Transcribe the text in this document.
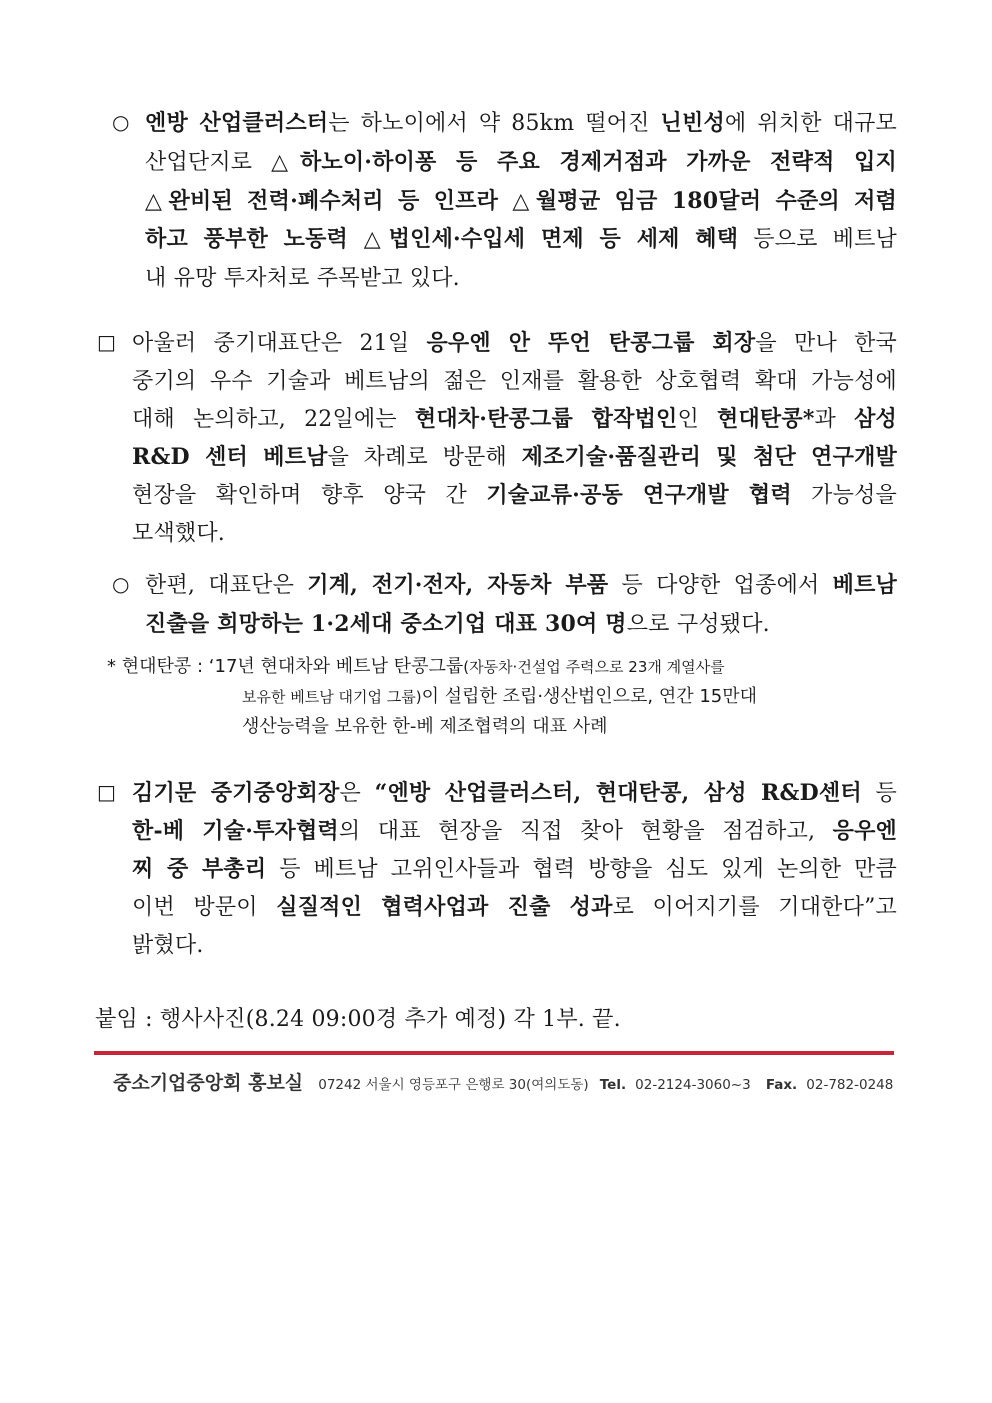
○ 엔방 산업클러스터는 하노이에서 약 85km 떨어진 닌빈성에 위치한 대규모
산업단지로 △하노이·하이퐁 등 주요 경제거점과 가까운 전략적 입지
△완비된 전력·폐수처리 등 인프라 △월평균 임금 180달러 수준의 저렴
하고 풍부한 노동력 △법인세·수입세 면제 등 세제 혜택 등으로 베트남
내 유망 투자처로 주목받고 있다.
□ 아울러 중기대표단은 21일 응우엔 안 뚜언 탄콩그룹 회장을 만나 한국
중기의 우수 기술과 베트남의 젊은 인재를 활용한 상호협력 확대 가능성에
대해 논의하고, 22일에는 현대차·탄콩그룹 합작법인인 현대탄콩*과 삼성
R&D 센터 베트남을 차례로 방문해 제조기술·품질관리 및 첨단 연구개발
현장을 확인하며 향후 양국 간 기술교류·공동 연구개발 협력 가능성을
모색했다.
○ 한편, 대표단은 기계, 전기·전자, 자동차 부품 등 다양한 업종에서 베트남
진출을 희망하는 1·2세대 중소기업 대표 30여 명으로 구성됐다.
* 현대탄콩 : ‘17년 현대차와 베트남 탄콩그룹(자동차·건설업 주력으로 23개 계열사를
보유한 베트남 대기업 그룹)이 설립한 조립·생산법인으로, 연간 15만대
생산능력을 보유한 한-베 제조협력의 대표 사례
□ 김기문 중기중앙회장은 “엔방 산업클러스터, 현대탄콩, 삼성 R&D센터 등
한-베 기술·투자협력의 대표 현장을 직접 찾아 현황을 점검하고, 응우엔
찌 중 부총리 등 베트남 고위인사들과 협력 방향을 심도 있게 논의한 만큼
이번 방문이 실질적인 협력사업과 진출 성과로 이어지기를 기대한다”고
밝혔다.
붙임 : 행사사진(8.24 09:00경 추가 예정) 각 1부. 끝.
중소기업중앙회 홍보실 07242 서울시 영등포구 은행로 30(여의도동) Tel. 02-2124-3060~3 Fax. 02-782-0248
